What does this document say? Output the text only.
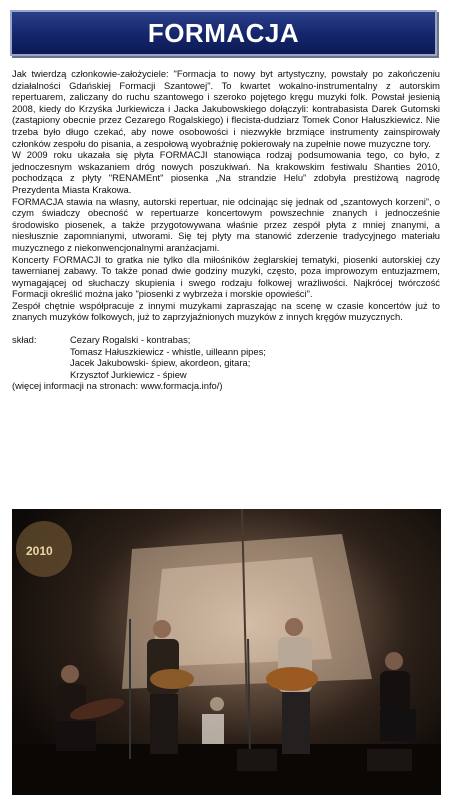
FORMACJA

Jak twierdzą członkowie-założyciele: "Formacja to nowy byt artystyczny, powstały po zakończeniu działalności Gdańskiej Formacji Szantowej". To kwartet wokalno-instrumentalny z autorskim repertuarem, zaliczany do ruchu szantowego i szeroko pojętego kręgu muzyki folk. Powstał jesienią 2008, kiedy do Krzyśka Jurkiewicza i Jacka Jakubowskiego dołączyli: kontrabasista Darek Gutomski (zastąpiony obecnie przez Cezarego Rogalskiego) i flecista-dudziarz Tomek Conor Hałuszkiewicz. Nie trzeba było długo czekać, aby nowe osobowości i niezwykłe brzmiące instrumenty zainspirowały członków zespołu do pisania, a zespołową wyobraźnię pokierowały na zupełnie nowe muzyczne tory.

W 2009 roku ukazała się płyta FORMACJI stanowiąca rodzaj podsumowania tego, co było, z jednoczesnym wskazaniem dróg nowych poszukiwań. Na krakowskim festiwalu Shanties 2010, pochodząca z płyty "RENAMEnt" piosenka „Na strandzie Helu” zdobyła prestiżową nagrodę Prezydenta Miasta Krakowa.

FORMACJA stawia na własny, autorski repertuar, nie odcinając się jednak od „szantowych korzeni”, o czym świadczy obecność w repertuarze koncertowym powszechnie znanych i jednocześnie środowisko piosenek, a także przygotowywana właśnie przez zespół płyta z mniej znanymi, a niesłusznie zapomnianymi, utworami. Się tej płyty ma stanowić zderzenie tradycyjnego materiału muzycznego z niekonwencjonalnymi aranżacjami.

Koncerty FORMACJI to gratka nie tylko dla miłośników żeglarskiej tematyki, piosenki autorskiej czy tawernianej zabawy. To także ponad dwie godziny muzyki, często, poza improwozym entuzjazmem, wymagającej od słuchaczy skupienia i swego rodzaju folkowej wrażliwości. Najkrócej twórczość Formacji określić można jako "piosenki z wybrzeża i morskie opowieści".

Zespół chętnie współpracuje z innymi muzykami zapraszając na scenę w czasie koncertów już to znanych muzyków folkowych, już to zaprzyjaźnionych muzyków z innych kręgów muzycznych.

skład:	Cezary Rogalski - kontrabas;
Tomasz Hałuszkiewicz - whistle, uilleann pipes;
Jacek Jakubowski- śpiew, akordeon, gitara;
Krzysztof Jurkiewicz - śpiew

(więcej informacji na stronach: www.formacja.info/)

2010
